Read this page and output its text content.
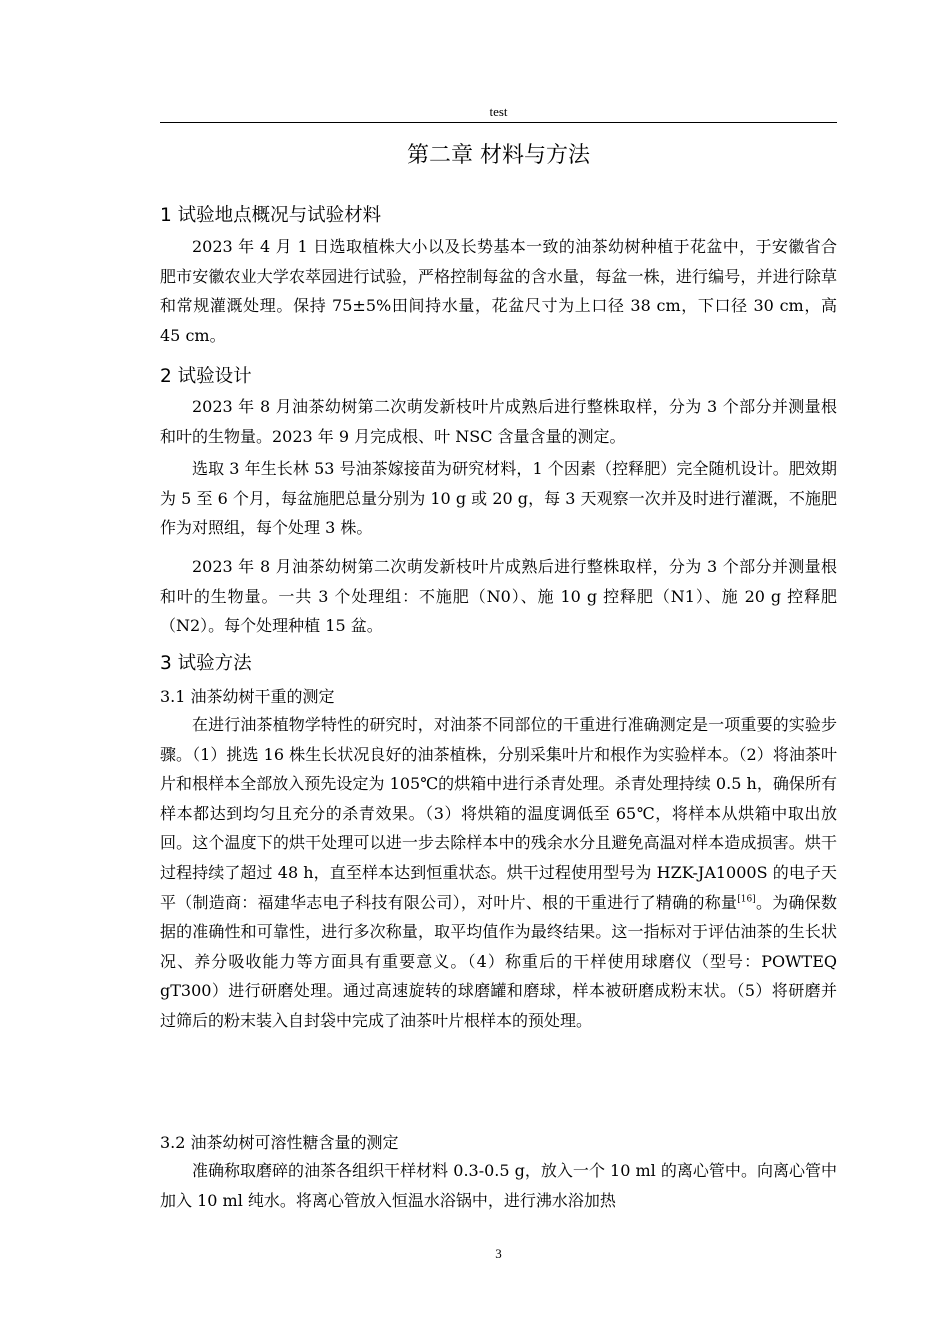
test
第二章 材料与方法
1 试验地点概况与试验材料

2023 年 4 月 1 日选取植株大小以及长势基本一致的油茶幼树种植于花盆中，于安徽省合肥市安徽农业大学农萃园进行试验，严格控制每盆的含水量，每盆一株，进行编号，并进行除草和常规灌溉处理。保持 75±5%田间持水量，花盆尺寸为上口径 38 cm，下口径 30 cm，高 45 cm。

2 试验设计

2023 年 8 月油茶幼树第二次萌发新枝叶片成熟后进行整株取样，分为 3 个部分并测量根和叶的生物量。2023 年 9 月完成根、叶 NSC 含量含量的测定。

选取 3 年生长林 53 号油茶嫁接苗为研究材料，1 个因素（控释肥）完全随机设计。肥效期为 5 至 6 个月，每盆施肥总量分别为 10 g 或 20 g，每 3 天观察一次并及时进行灌溉，不施肥作为对照组，每个处理 3 株。

2023 年 8 月油茶幼树第二次萌发新枝叶片成熟后进行整株取样，分为 3 个部分并测量根和叶的生物量。一共 3 个处理组：不施肥（N0）、施 10 g 控释肥（N1）、施 20 g 控释肥（N2）。每个处理种植 15 盆。

3 试验方法
3.1 油茶幼树干重的测定

在进行油茶植物学特性的研究时，对油茶不同部位的干重进行准确测定是一项重要的实验步骤。（1）挑选 16 株生长状况良好的油茶植株，分别采集叶片和根作为实验样本。（2）将油茶叶片和根样本全部放入预先设定为 105℃的烘箱中进行杀青处理。杀青处理持续 0.5 h，确保所有样本都达到均匀且充分的杀青效果。（3）将烘箱的温度调低至 65℃，将样本从烘箱中取出放回。这个温度下的烘干处理可以进一步去除样本中的残余水分且避免高温对样本造成损害。烘干过程持续了超过 48 h，直至样本达到恒重状态。烘干过程使用型号为 HZK-JA1000S 的电子天平（制造商：福建华志电子科技有限公司），对叶片、根的干重进行了精确的称量[16]。为确保数据的准确性和可靠性，进行多次称量，取平均值作为最终结果。这一指标对于评估油茶的生长状况、养分吸收能力等方面具有重要意义。（4）称重后的干样使用球磨仪（型号：POWTEQ gT300）进行研磨处理。通过高速旋转的球磨罐和磨球，样本被研磨成粉末状。（5）将研磨并过筛后的粉末装入自封袋中完成了油茶叶片根样本的预处理。

3.2 油茶幼树可溶性糖含量的测定

准确称取磨碎的油茶各组织干样材料 0.3-0.5 g，放入一个 10 ml 的离心管中。向离心管中加入 10 ml 纯水。将离心管放入恒温水浴锅中，进行沸水浴加热

3
